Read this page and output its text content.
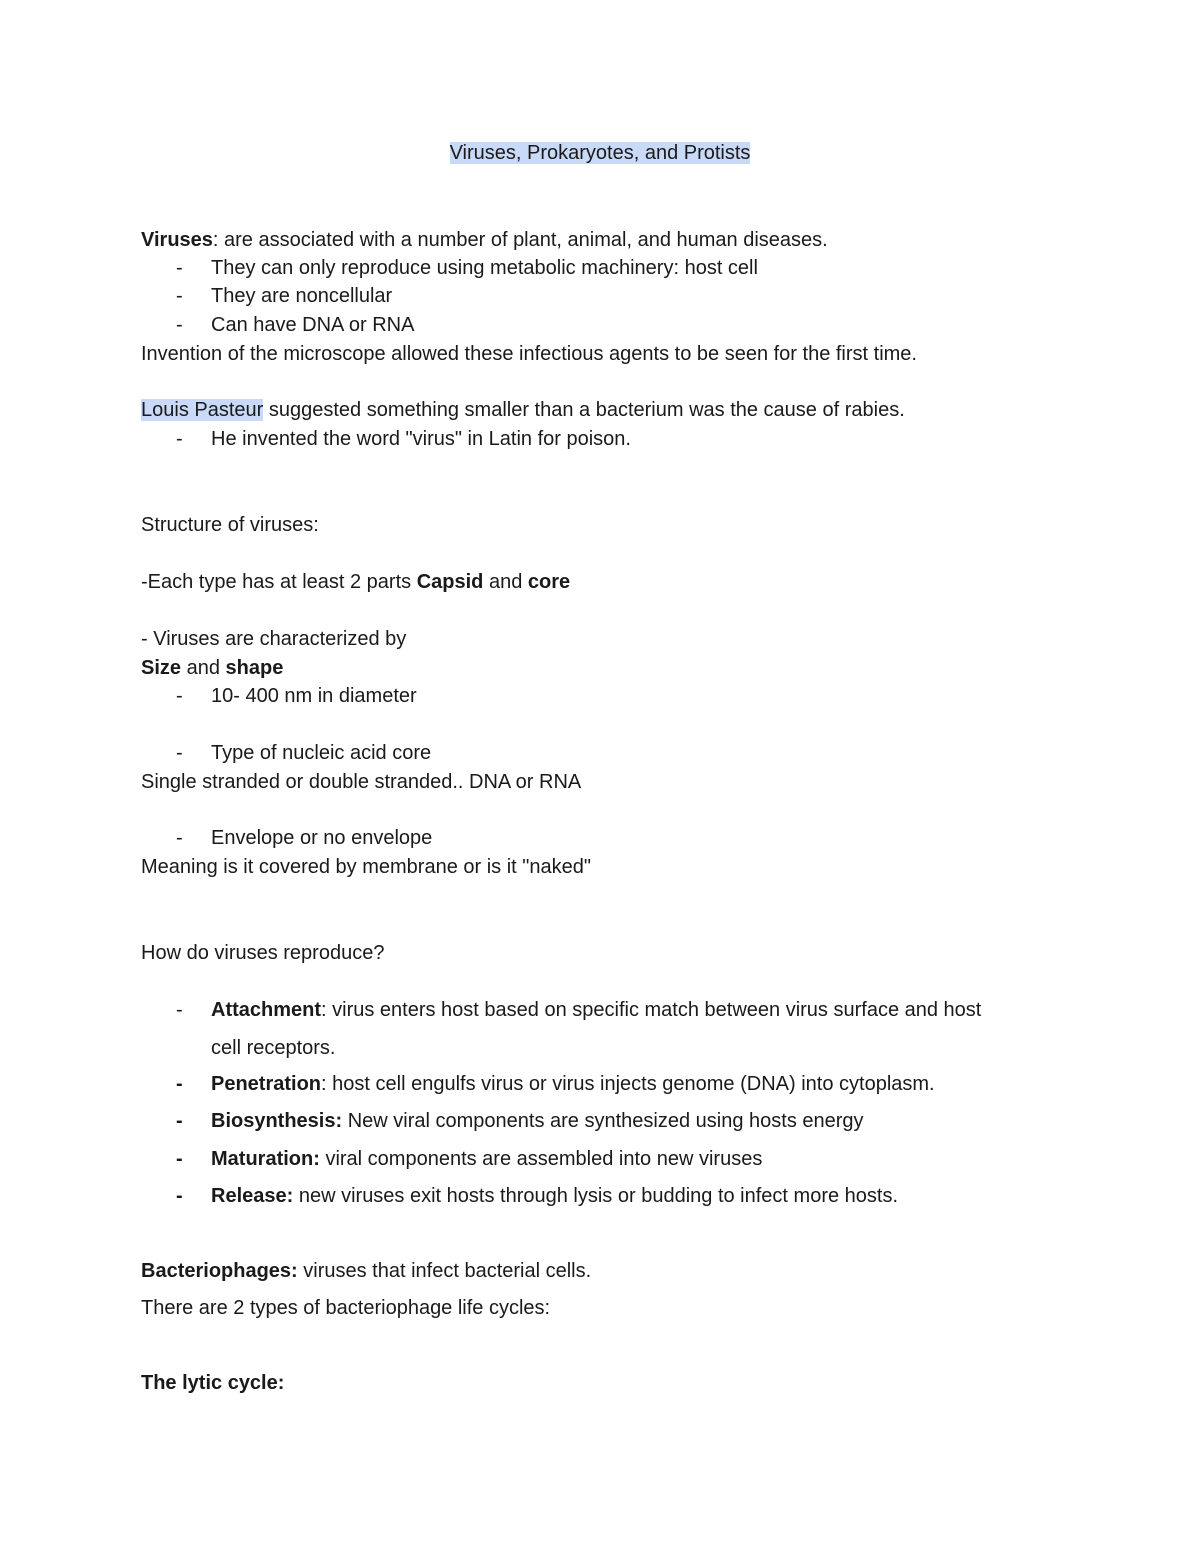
Viruses, Prokaryotes, and Protists
Viruses: are associated with a number of plant, animal, and human diseases.
- They can only reproduce using metabolic machinery: host cell
- They are noncellular
- Can have DNA or RNA
Invention of the microscope allowed these infectious agents to be seen for the first time.
Louis Pasteur suggested something smaller than a bacterium was the cause of rabies.
- He invented the word "virus" in Latin for poison.
Structure of viruses:
-Each type has at least 2 parts Capsid and core
- Viruses are characterized by
Size and shape
- 10- 400 nm in diameter
- Type of nucleic acid core
Single stranded or double stranded.. DNA or RNA
- Envelope or no envelope
Meaning is it covered by membrane or is it "naked"
How do viruses reproduce?
- Attachment: virus enters host based on specific match between virus surface and host
cell receptors.
- Penetration: host cell engulfs virus or virus injects genome (DNA) into cytoplasm.
- Biosynthesis: New viral components are synthesized using hosts energy
- Maturation: viral components are assembled into new viruses
- Release: new viruses exit hosts through lysis or budding to infect more hosts.
Bacteriophages: viruses that infect bacterial cells.
There are 2 types of bacteriophage life cycles:
The lytic cycle:
